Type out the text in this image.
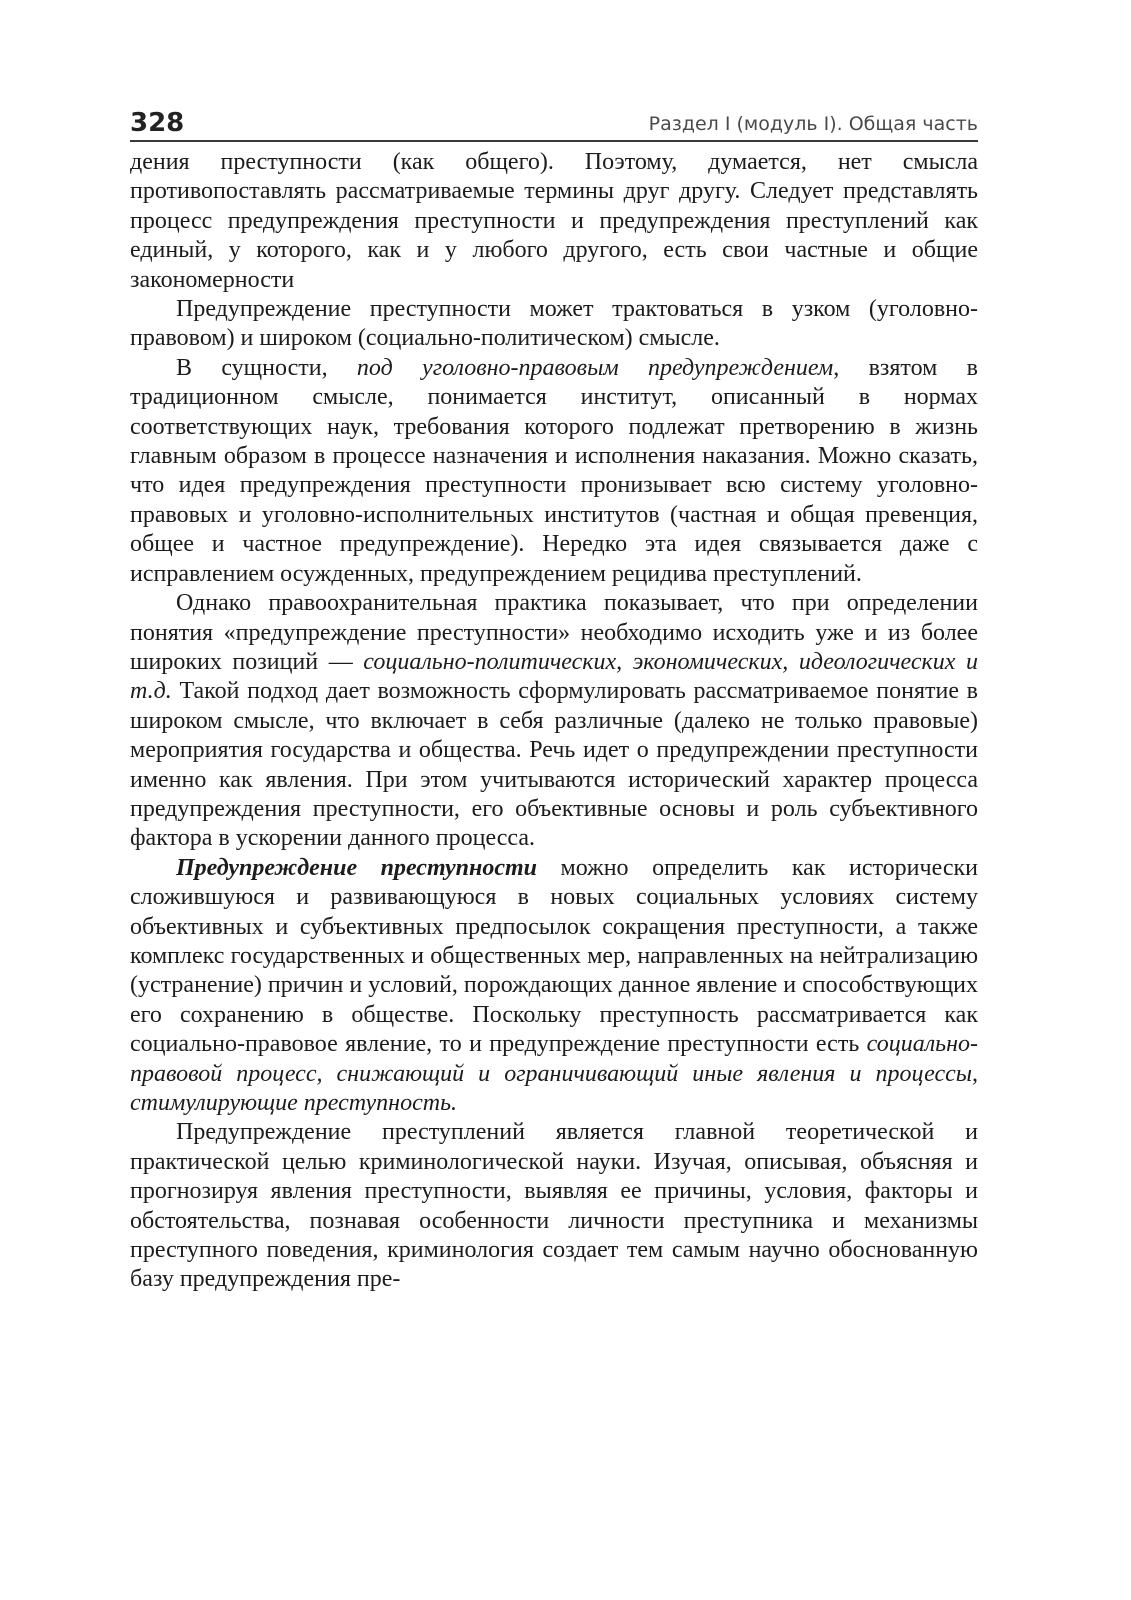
328	Раздел I (модуль I). Общая часть

дения преступности (как общего). Поэтому, думается, нет смысла противопоставлять рассматриваемые термины друг другу. Следует представлять процесс предупреждения преступности и предупреждения преступлений как единый, у которого, как и у любого другого, есть свои частные и общие закономерности

Предупреждение преступности может трактоваться в узком (уголовно-правовом) и широком (социально-политическом) смысле.

В сущности, под уголовно-правовым предупреждением, взятом в традиционном смысле, понимается институт, описанный в нормах соответствующих наук, требования которого подлежат претворению в жизнь главным образом в процессе назначения и исполнения наказания. Можно сказать, что идея предупреждения преступности пронизывает всю систему уголовно-правовых и уголовно-исполнительных институтов (частная и общая превенция, общее и частное предупреждение). Нередко эта идея связывается даже с исправлением осужденных, предупреждением рецидива преступлений.

Однако правоохранительная практика показывает, что при определении понятия «предупреждение преступности» необходимо исходить уже и из более широких позиций — социально-политических, экономических, идеологических и т.д. Такой подход дает возможность сформулировать рассматриваемое понятие в широком смысле, что включает в себя различные (далеко не только правовые) мероприятия государства и общества. Речь идет о предупреждении преступности именно как явления. При этом учитываются исторический характер процесса предупреждения преступности, его объективные основы и роль субъективного фактора в ускорении данного процесса.

Предупреждение преступности можно определить как исторически сложившуюся и развивающуюся в новых социальных условиях систему объективных и субъективных предпосылок сокращения преступности, а также комплекс государственных и общественных мер, направленных на нейтрализацию (устранение) причин и условий, порождающих данное явление и способствующих его сохранению в обществе. Поскольку преступность рассматривается как социально-правовое явление, то и предупреждение преступности есть социально-правовой процесс, снижающий и ограничивающий иные явления и процессы, стимулирующие преступность.

Предупреждение преступлений является главной теоретической и практической целью криминологической науки. Изучая, описывая, объясняя и прогнозируя явления преступности, выявляя ее причины, условия, факторы и обстоятельства, познавая особенности личности преступника и механизмы преступного поведения, криминология создает тем самым научно обоснованную базу предупреждения пре-
